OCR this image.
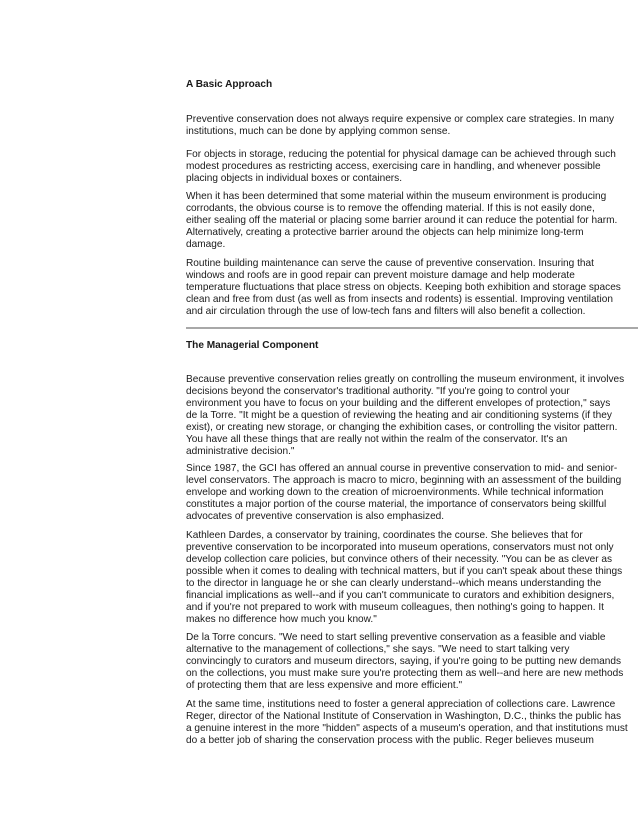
A Basic Approach
Preventive conservation does not always require expensive or complex care strategies. In many
institutions, much can be done by applying common sense.
For objects in storage, reducing the potential for physical damage can be achieved through such
modest procedures as restricting access, exercising care in handling, and whenever possible
placing objects in individual boxes or containers.
When it has been determined that some material within the museum environment is producing
corrodants, the obvious course is to remove the offending material. If this is not easily done,
either sealing off the material or placing some barrier around it can reduce the potential for harm.
Alternatively, creating a protective barrier around the objects can help minimize long-term
damage.
Routine building maintenance can serve the cause of preventive conservation. Insuring that
windows and roofs are in good repair can prevent moisture damage and help moderate
temperature fluctuations that place stress on objects. Keeping both exhibition and storage spaces
clean and free from dust (as well as from insects and rodents) is essential. Improving ventilation
and air circulation through the use of low-tech fans and filters will also benefit a collection.
The Managerial Component
Because preventive conservation relies greatly on controlling the museum environment, it involves
decisions beyond the conservator's traditional authority. "If you're going to control your
environment you have to focus on your building and the different envelopes of protection," says
de la Torre. "It might be a question of reviewing the heating and air conditioning systems (if they
exist), or creating new storage, or changing the exhibition cases, or controlling the visitor pattern.
You have all these things that are really not within the realm of the conservator. It's an
administrative decision."
Since 1987, the GCI has offered an annual course in preventive conservation to mid- and senior-
level conservators. The approach is macro to micro, beginning with an assessment of the building
envelope and working down to the creation of microenvironments. While technical information
constitutes a major portion of the course material, the importance of conservators being skillful
advocates of preventive conservation is also emphasized.
Kathleen Dardes, a conservator by training, coordinates the course. She believes that for
preventive conservation to be incorporated into museum operations, conservators must not only
develop collection care policies, but convince others of their necessity. "You can be as clever as
possible when it comes to dealing with technical matters, but if you can't speak about these things
to the director in language he or she can clearly understand--which means understanding the
financial implications as well--and if you can't communicate to curators and exhibition designers,
and if you're not prepared to work with museum colleagues, then nothing's going to happen. It
makes no difference how much you know."
De la Torre concurs. "We need to start selling preventive conservation as a feasible and viable
alternative to the management of collections," she says. "We need to start talking very
convincingly to curators and museum directors, saying, if you're going to be putting new demands
on the collections, you must make sure you're protecting them as well--and here are new methods
of protecting them that are less expensive and more efficient."
At the same time, institutions need to foster a general appreciation of collections care. Lawrence
Reger, director of the National Institute of Conservation in Washington, D.C., thinks the public has
a genuine interest in the more "hidden" aspects of a museum's operation, and that institutions must
do a better job of sharing the conservation process with the public. Reger believes museum
